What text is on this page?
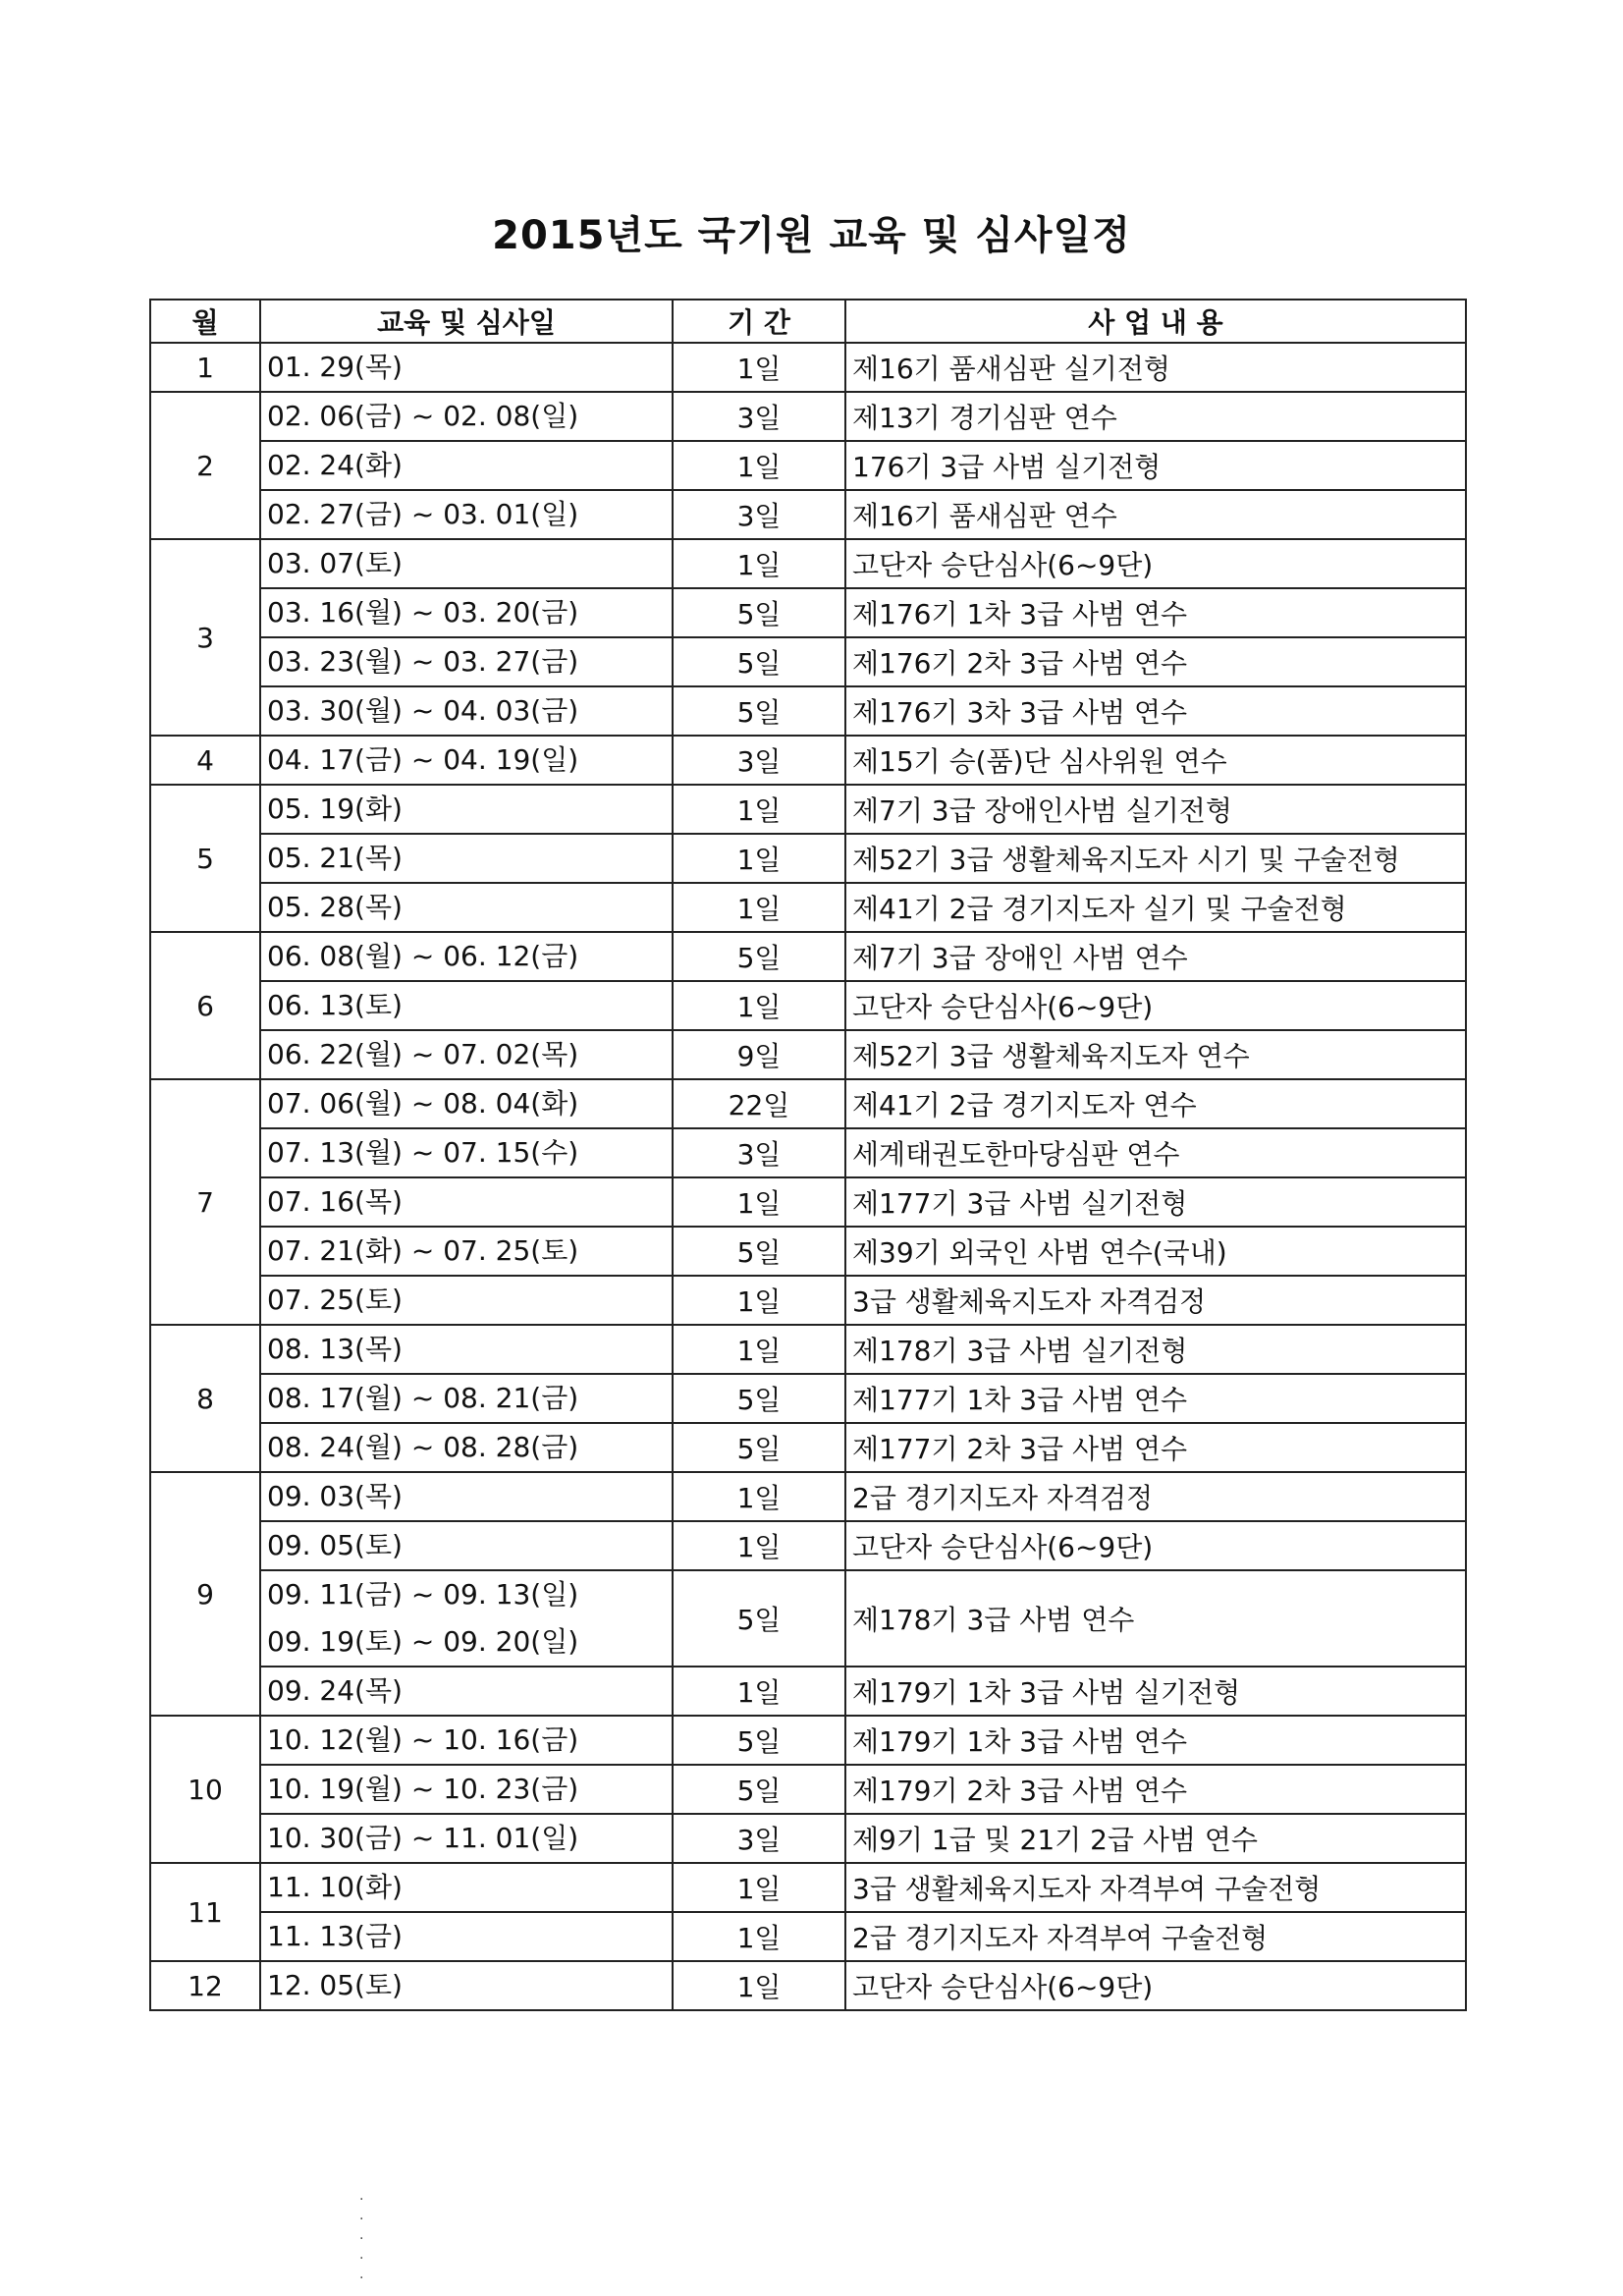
2015년도 국기원 교육 및 심사일정
월	교육 및 심사일	기 간	사 업 내 용
1	01. 29(목)	1일	제16기 품새심판 실기전형
2	02. 06(금) ~ 02. 08(일)	3일	제13기 경기심판 연수

	02. 24(화)	1일	176기 3급 사범 실기전형

	02. 27(금) ~ 03. 01(일)	3일	제16기 품새심판 연수
3	03. 07(토)	1일	고단자 승단심사(6~9단)

	03. 16(월) ~ 03. 20(금)	5일	제176기 1차 3급 사범 연수

	03. 23(월) ~ 03. 27(금)	5일	제176기 2차 3급 사범 연수

	03. 30(월) ~ 04. 03(금)	5일	제176기 3차 3급 사범 연수
4	04. 17(금) ~ 04. 19(일)	3일	제15기 승(품)단 심사위원 연수
5	05. 19(화)	1일	제7기 3급 장애인사범 실기전형

	05. 21(목)	1일	제52기 3급 생활체육지도자 시기 및 구술전형

	05. 28(목)	1일	제41기 2급 경기지도자 실기 및 구술전형
6	06. 08(월) ~ 06. 12(금)	5일	제7기 3급 장애인 사범 연수

	06. 13(토)	1일	고단자 승단심사(6~9단)

	06. 22(월) ~ 07. 02(목)	9일	제52기 3급 생활체육지도자 연수
7	07. 06(월) ~ 08. 04(화)	22일	제41기 2급 경기지도자 연수

	07. 13(월) ~ 07. 15(수)	3일	세계태권도한마당심판 연수

	07. 16(목)	1일	제177기 3급 사범 실기전형

	07. 21(화) ~ 07. 25(토)	5일	제39기 외국인 사범 연수(국내)

	07. 25(토)	1일	3급 생활체육지도자 자격검정
8	08. 13(목)	1일	제178기 3급 사범 실기전형

	08. 17(월) ~ 08. 21(금)	5일	제177기 1차 3급 사범 연수

	08. 24(월) ~ 08. 28(금)	5일	제177기 2차 3급 사범 연수
9	09. 03(목)	1일	2급 경기지도자 자격검정

	09. 05(토)	1일	고단자 승단심사(6~9단)

	09. 11(금) ~ 09. 13(일)
09. 19(토) ~ 09. 20(일)	5일	제178기 3급 사범 연수

	09. 24(목)	1일	제179기 1차 3급 사범 실기전형
10	10. 12(월) ~ 10. 16(금)	5일	제179기 1차 3급 사범 연수

	10. 19(월) ~ 10. 23(금)	5일	제179기 2차 3급 사범 연수

	10. 30(금) ~ 11. 01(일)	3일	제9기 1급 및 21기 2급 사범 연수
11	11. 10(화)	1일	3급 생활체육지도자 자격부여 구술전형

	11. 13(금)	1일	2급 경기지도자 자격부여 구술전형
12	12. 05(토)	1일	고단자 승단심사(6~9단)
·
·
·
·
·
